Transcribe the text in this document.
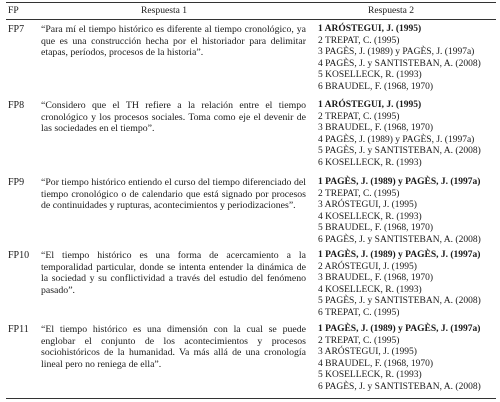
FP	Respuesta 1	Respuesta 2
FP7 “Para mí el tiempo histórico es diferente al tiempo cronológico, ya que es una construcción hecha por el historiador para delimitar etapas, períodos, procesos de la historia”.
1 ARÓSTEGUI, J. (1995)
2 TREPAT, C. (1995)
3 PAGÈS, J. (1989) y PAGÈS, J. (1997a)
4 PAGÈS, J. y SANTISTEBAN, A. (2008)
5 KOSELLECK, R. (1993)
6 BRAUDEL, F. (1968, 1970)
FP8 “Considero que el TH refiere a la relación entre el tiempo cronológico y los procesos sociales. Toma como eje el devenir de las sociedades en el tiempo”.
1 ARÓSTEGUI, J. (1995)
2 TREPAT, C. (1995)
3 BRAUDEL, F. (1968, 1970)
4 PAGÈS, J. (1989) y PAGÈS, J. (1997a)
5 PAGÈS, J. y SANTISTEBAN, A. (2008)
6 KOSELLECK, R. (1993)
FP9 “Por tiempo histórico entiendo el curso del tiempo diferenciado del tiempo cronológico o de calendario que está signado por procesos de continuidades y rupturas, acontecimientos y periodizaciones”.
1 PAGÈS, J. (1989) y PAGÈS, J. (1997a)
2 TREPAT, C. (1995)
3 ARÓSTEGUI, J. (1995)
4 KOSELLECK, R. (1993)
5 BRAUDEL, F. (1968, 1970)
6 PAGÈS, J. y SANTISTEBAN, A. (2008)
FP10 “El tiempo histórico es una forma de acercamiento a la temporalidad particular, donde se intenta entender la dinámica de la sociedad y su conflictividad a través del estudio del fenómeno pasado”.
1 PAGÈS, J. (1989) y PAGÈS, J. (1997a)
2 ARÓSTEGUI, J. (1995)
3 BRAUDEL, F. (1968, 1970)
4 KOSELLECK, R. (1993)
5 PAGÈS, J. y SANTISTEBAN, A. (2008)
6 TREPAT, C. (1995)
FP11 “El tiempo histórico es una dimensión con la cual se puede englobar el conjunto de los acontecimientos y procesos sociohistóricos de la humanidad. Va más allá de una cronología lineal pero no reniega de ella”.
1 PAGÈS, J. (1989) y PAGÈS, J. (1997a)
2 TREPAT, C. (1995)
3 ARÓSTEGUI, J. (1995)
4 BRAUDEL, F. (1968, 1970)
5 KOSELLECK, R. (1993)
6 PAGÈS, J. y SANTISTEBAN, A. (2008)
